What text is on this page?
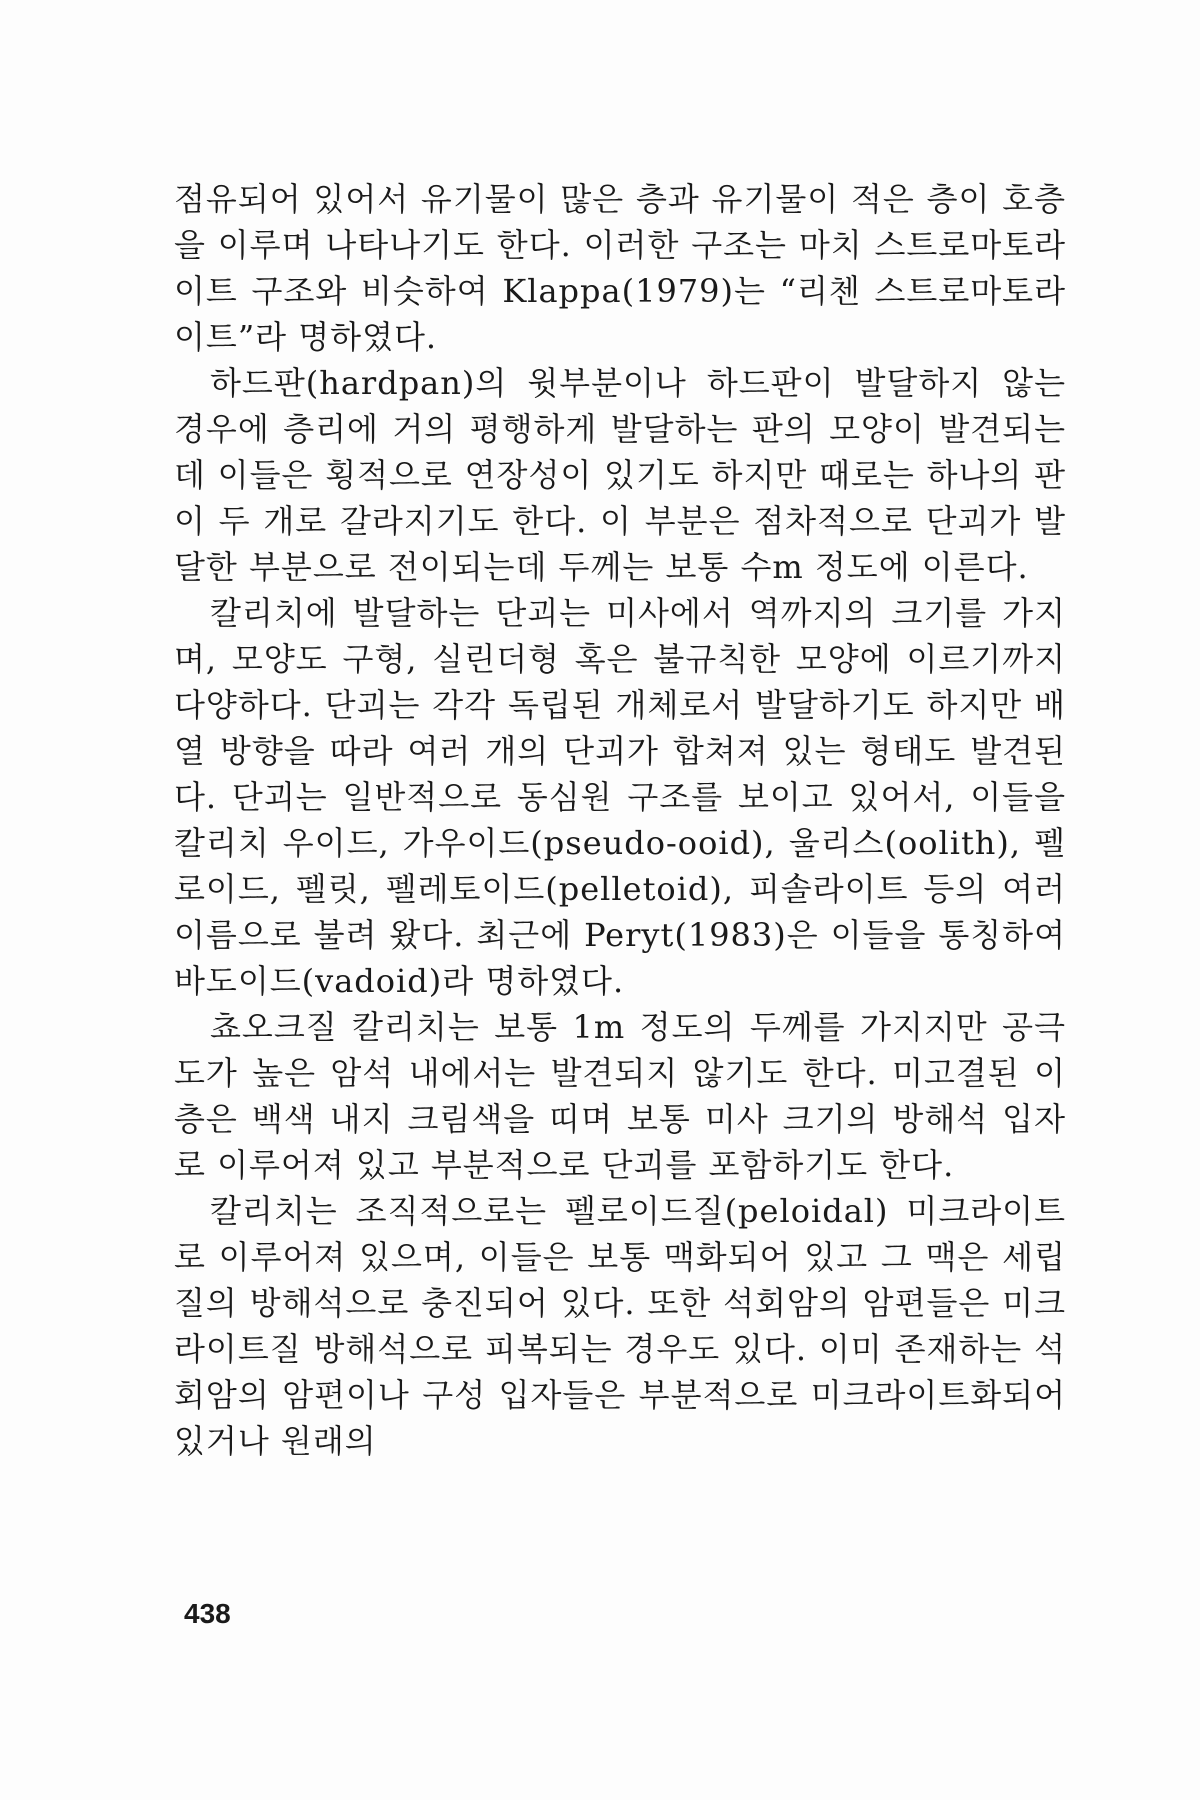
점유되어 있어서 유기물이 많은 층과 유기물이 적은 층이 호층을 이루며 나타나기도 한다. 이러한 구조는 마치 스트로마토라이트 구조와 비슷하여 Klappa(1979)는 “리첸 스트로마토라이트”라 명하였다.

하드판(hardpan)의 윗부분이나 하드판이 발달하지 않는 경우에 층리에 거의 평행하게 발달하는 판의 모양이 발견되는데 이들은 횡적으로 연장성이 있기도 하지만 때로는 하나의 판이 두 개로 갈라지기도 한다. 이 부분은 점차적으로 단괴가 발달한 부분으로 전이되는데 두께는 보통 수m 정도에 이른다.

칼리치에 발달하는 단괴는 미사에서 역까지의 크기를 가지며, 모양도 구형, 실린더형 혹은 불규칙한 모양에 이르기까지 다양하다. 단괴는 각각 독립된 개체로서 발달하기도 하지만 배열 방향을 따라 여러 개의 단괴가 합쳐져 있는 형태도 발견된다. 단괴는 일반적으로 동심원 구조를 보이고 있어서, 이들을 칼리치 우이드, 가우이드(pseudo-ooid), 울리스(oolith), 펠로이드, 펠릿, 펠레토이드(pelletoid), 피솔라이트 등의 여러 이름으로 불려 왔다. 최근에 Peryt(1983)은 이들을 통칭하여 바도이드(vadoid)라 명하였다.

쵸오크질 칼리치는 보통 1m 정도의 두께를 가지지만 공극도가 높은 암석 내에서는 발견되지 않기도 한다. 미고결된 이 층은 백색 내지 크림색을 띠며 보통 미사 크기의 방해석 입자로 이루어져 있고 부분적으로 단괴를 포함하기도 한다.

칼리치는 조직적으로는 펠로이드질(peloidal) 미크라이트로 이루어져 있으며, 이들은 보통 맥화되어 있고 그 맥은 세립질의 방해석으로 충진되어 있다. 또한 석회암의 암편들은 미크라이트질 방해석으로 피복되는 경우도 있다. 이미 존재하는 석회암의 암편이나 구성 입자들은 부분적으로 미크라이트화되어 있거나 원래의

438
